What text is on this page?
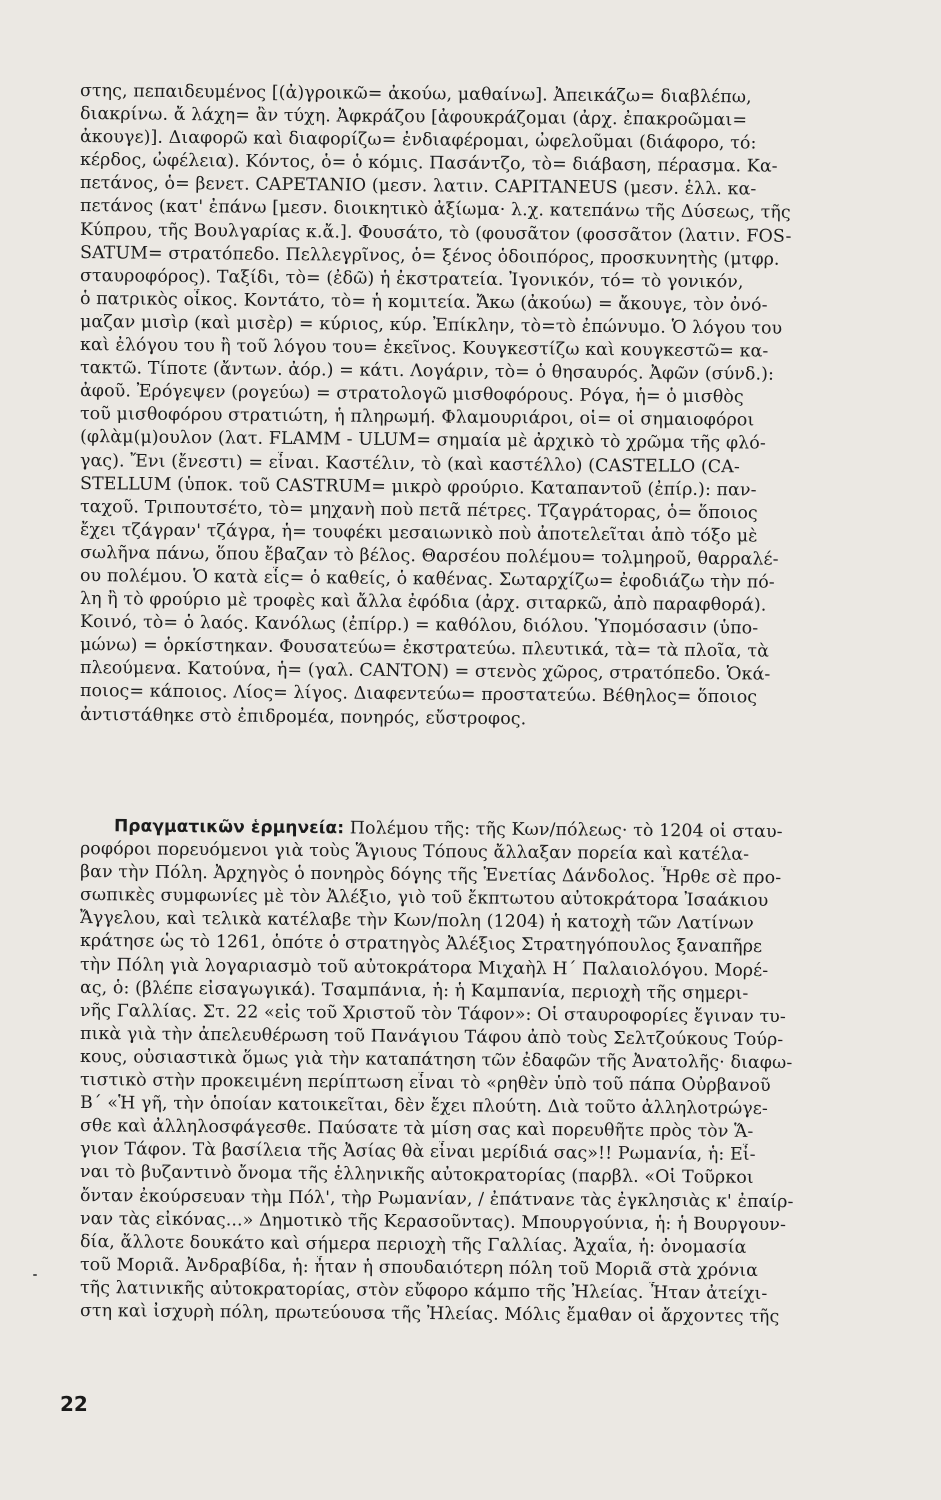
στης, πεπαιδευμένος [(ἀ)γροικῶ= ἀκούω, μαθαίνω]. Ἀπεικάζω= διαβλέπω,
διακρίνω. ἄ λάχη= ἂν τύχη. Ἀφκράζου [ἀφουκράζομαι (ἀρχ. ἐπακροῶμαι=
ἀκουγε)]. Διαφορῶ καὶ διαφορίζω= ἐνδιαφέρομαι, ὠφελοῦμαι (διάφορο, τό:
κέρδος, ὠφέλεια). Κόντος, ὁ= ὁ κόμις. Πασάντζο, τὸ= διάβαση, πέρασμα. Κα-
πετάνος, ὁ= βενετ. CAPETANIO (μεσν. λατιν. CAPITANEUS (μεσν. ἑλλ. κα-
πετάνος (κατ' ἐπάνω [μεσν. διοικητικὸ ἀξίωμα· λ.χ. κατεπάνω τῆς Δύσεως, τῆς
Κύπρου, τῆς Βουλγαρίας κ.ἄ.]. Φουσάτο, τὸ (φουσᾶτον (φοσσᾶτον (λατιν. FOS-
SATUM= στρατόπεδο. Πελλεγρῖνος, ὁ= ξένος ὁδοιπόρος, προσκυνητὴς (μτφρ.
σταυροφόρος). Ταξίδι, τὸ= (ἐδῶ) ἡ ἐκστρατεία. Ἰγονικόν, τό= τὸ γονικόν,
ὁ πατρικὸς οἶκος. Κοντάτο, τὸ= ἡ κομιτεία. Ἄκω (ἀκούω) = ἄκουγε, τὸν ὀνό-
μαζαν μισὶρ (καὶ μισὲρ) = κύριος, κύρ. Ἐπίκλην, τὸ=τὸ ἐπώνυμο. Ὁ λόγου του
καὶ ἐλόγου του ἢ τοῦ λόγου του= ἐκεῖνος. Κουγκεστίζω καὶ κουγκεστῶ= κα-
τακτῶ. Τίποτε (ἄντων. ἀόρ.) = κάτι. Λογάριν, τὸ= ὁ θησαυρός. Ἀφῶν (σύνδ.):
ἀφοῦ. Ἐρόγεψεν (ρογεύω) = στρατολογῶ μισθοφόρους. Ρόγα, ἡ= ὁ μισθὸς
τοῦ μισθοφόρου στρατιώτη, ἡ πληρωμή. Φλαμουριάροι, οἱ= οἱ σημαιοφόροι
(φλὰμ(μ)ουλον (λατ. FLAMM - ULUM= σημαία μὲ ἀρχικὸ τὸ χρῶμα τῆς φλό-
γας). Ἔνι (ἔνεστι) = εἶναι. Καστέλιν, τὸ (καὶ καστέλλο) (CASTELLO (CA-
STELLUM (ὑποκ. τοῦ CASTRUM= μικρὸ φρούριο. Καταπαντοῦ (ἐπίρ.): παν-
ταχοῦ. Τριπουτσέτο, τὸ= μηχανὴ ποὺ πετᾶ πέτρες. Τζαγράτορας, ὁ= ὅποιος
ἔχει τζάγραν' τζάγρα, ἡ= τουφέκι μεσαιωνικὸ ποὺ ἀποτελεῖται ἀπὸ τόξο μὲ
σωλῆνα πάνω, ὅπου ἔβαζαν τὸ βέλος. Θαρσέου πολέμου= τολμηροῦ, θαρραλέ-
ου πολέμου. Ὁ κατὰ εἷς= ὁ καθείς, ὁ καθένας. Σωταρχίζω= ἐφοδιάζω τὴν πό-
λη ἢ τὸ φρούριο μὲ τροφὲς καὶ ἄλλα ἐφόδια (ἀρχ. σιταρκῶ, ἀπὸ παραφθορά).
Κοινό, τὸ= ὁ λαός. Κανόλως (ἐπίρρ.) = καθόλου, διόλου. Ὑπομόσασιν (ὑπο-
μώνω) = ὁρκίστηκαν. Φουσατεύω= ἐκστρατεύω. πλευτικά, τὰ= τὰ πλοῖα, τὰ
πλεούμενα. Κατούνα, ἡ= (γαλ. CANTON) = στενὸς χῶρος, στρατόπεδο. Ὁκά-
ποιος= κάποιος. Λίος= λίγος. Διαφεντεύω= προστατεύω. Βέθηλος= ὅποιος
ἀντιστάθηκε στὸ ἐπιδρομέα, πονηρός, εὔστροφος.
Πραγματικῶν ἑρμηνεία: Πολέμου τῆς: τῆς Κων/πόλεως· τὸ 1204 οἱ σταυ-
ροφόροι πορευόμενοι γιὰ τοὺς Ἅγιους Τόπους ἄλλαξαν πορεία καὶ κατέλα-
βαν τὴν Πόλη. Ἀρχηγὸς ὁ πονηρὸς δόγης τῆς Ἑνετίας Δάνδολος. Ἦρθε σὲ προ-
σωπικὲς συμφωνίες μὲ τὸν Ἀλέξιο, γιὸ τοῦ ἔκπτωτου αὐτοκράτορα Ἰσαάκιου
Ἄγγελου, καὶ τελικὰ κατέλαβε τὴν Κων/πολη (1204) ἡ κατοχὴ τῶν Λατίνων
κράτησε ὡς τὸ 1261, ὁπότε ὁ στρατηγὸς Ἀλέξιος Στρατηγόπουλος ξαναπῆρε
τὴν Πόλη γιὰ λογαριασμὸ τοῦ αὐτοκράτορα Μιχαὴλ Η΄ Παλαιολόγου. Μορέ-
ας, ὁ: (βλέπε εἰσαγωγικά). Τσαμπάνια, ἡ: ἡ Καμπανία, περιοχὴ τῆς σημερι-
νῆς Γαλλίας. Στ. 22 «εἰς τοῦ Χριστοῦ τὸν Τάφον»: Οἱ σταυροφορίες ἔγιναν τυ-
πικὰ γιὰ τὴν ἀπελευθέρωση τοῦ Πανάγιου Τάφου ἀπὸ τοὺς Σελτζούκους Τούρ-
κους, οὐσιαστικὰ ὅμως γιὰ τὴν καταπάτηση τῶν ἐδαφῶν τῆς Ἀνατολῆς· διαφω-
τιστικὸ στὴν προκειμένη περίπτωση εἶναι τὸ «ρηθὲν ὑπὸ τοῦ πάπα Οὐρβανοῦ
Β΄ «Ἡ γῆ, τὴν ὁποίαν κατοικεῖται, δὲν ἔχει πλούτη. Διὰ τοῦτο ἀλληλοτρώγε-
σθε καὶ ἀλληλοσφάγεσθε. Παύσατε τὰ μίση σας καὶ πορευθῆτε πρὸς τὸν Ἅ-
γιον Τάφον. Τὰ βασίλεια τῆς Ἀσίας θὰ εἶναι μερίδιά σας»!! Ρωμανία, ἡ: Εἶ-
ναι τὸ βυζαντινὸ ὄνομα τῆς ἑλληνικῆς αὐτοκρατορίας (παρβλ. «Οἱ Τοῦρκοι
ὄνταν ἐκούρσευαν τὴμ Πόλ', τὴρ Ρωμανίαν, / ἐπάτνανε τὰς ἐγκλησιὰς κ' ἐπαίρ-
ναν τὰς εἰκόνας...» Δημοτικὸ τῆς Κερασοῦντας). Μπουργούνια, ἡ: ἡ Βουργουν-
δία, ἄλλοτε δουκάτο καὶ σήμερα περιοχὴ τῆς Γαλλίας. Ἀχαΐα, ἡ: ὀνομασία
τοῦ Μοριᾶ. Ἀνδραβίδα, ἡ: ἦταν ἡ σπουδαιότερη πόλη τοῦ Μοριᾶ στὰ χρόνια
τῆς λατινικῆς αὐτοκρατορίας, στὸν εὔφορο κάμπο τῆς Ἠλείας. Ἦταν ἀτείχι-
στη καὶ ἰσχυρὴ πόλη, πρωτεύουσα τῆς Ἠλείας. Μόλις ἔμαθαν οἱ ἄρχοντες τῆς
22
